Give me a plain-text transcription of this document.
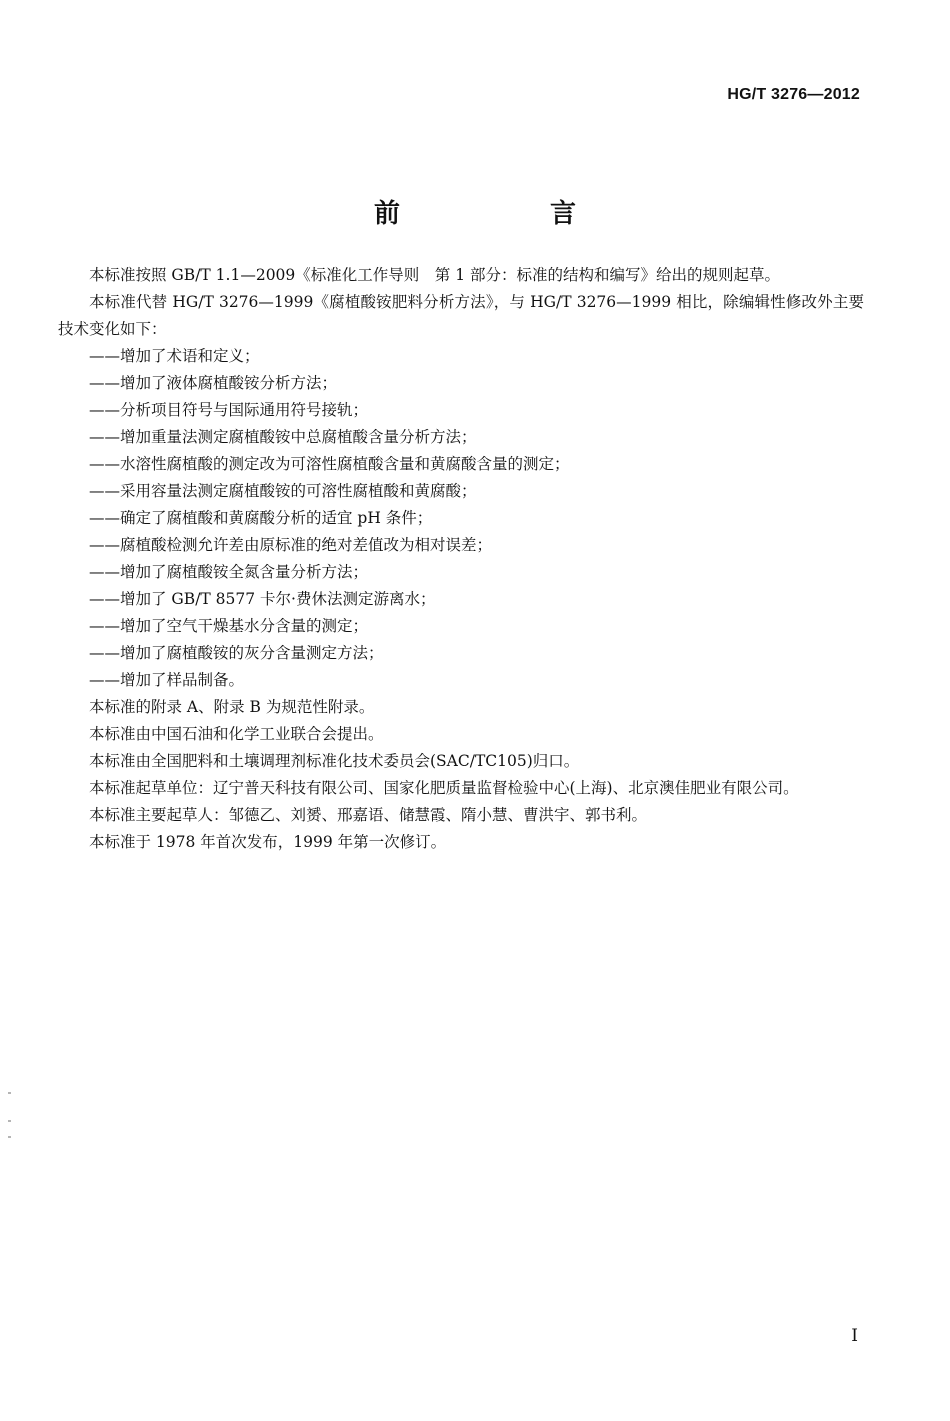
HG/T 3276—2012
前　言

本标准按照 GB/T 1.1—2009《标准化工作导则　第 1 部分：标准的结构和编写》给出的规则起草。

本标准代替 HG/T 3276—1999《腐植酸铵肥料分析方法》，与 HG/T 3276—1999 相比，除编辑性修改外主要技术变化如下：

——增加了术语和定义；
——增加了液体腐植酸铵分析方法；
——分析项目符号与国际通用符号接轨；
——增加重量法测定腐植酸铵中总腐植酸含量分析方法；
——水溶性腐植酸的测定改为可溶性腐植酸含量和黄腐酸含量的测定；
——采用容量法测定腐植酸铵的可溶性腐植酸和黄腐酸；
——确定了腐植酸和黄腐酸分析的适宜 pH 条件；
——腐植酸检测允许差由原标准的绝对差值改为相对误差；
——增加了腐植酸铵全氮含量分析方法；
——增加了 GB/T 8577 卡尔·费休法测定游离水；
——增加了空气干燥基水分含量的测定；
——增加了腐植酸铵的灰分含量测定方法；
——增加了样品制备。

本标准的附录 A、附录 B 为规范性附录。

本标准由中国石油和化学工业联合会提出。

本标准由全国肥料和土壤调理剂标准化技术委员会(SAC/TC105)归口。

本标准起草单位：辽宁普天科技有限公司、国家化肥质量监督检验中心(上海)、北京澳佳肥业有限公司。

本标准主要起草人：邹德乙、刘赟、邢嘉语、储慧霞、隋小慧、曹洪宇、郭书利。

本标准于 1978 年首次发布，1999 年第一次修订。

I
